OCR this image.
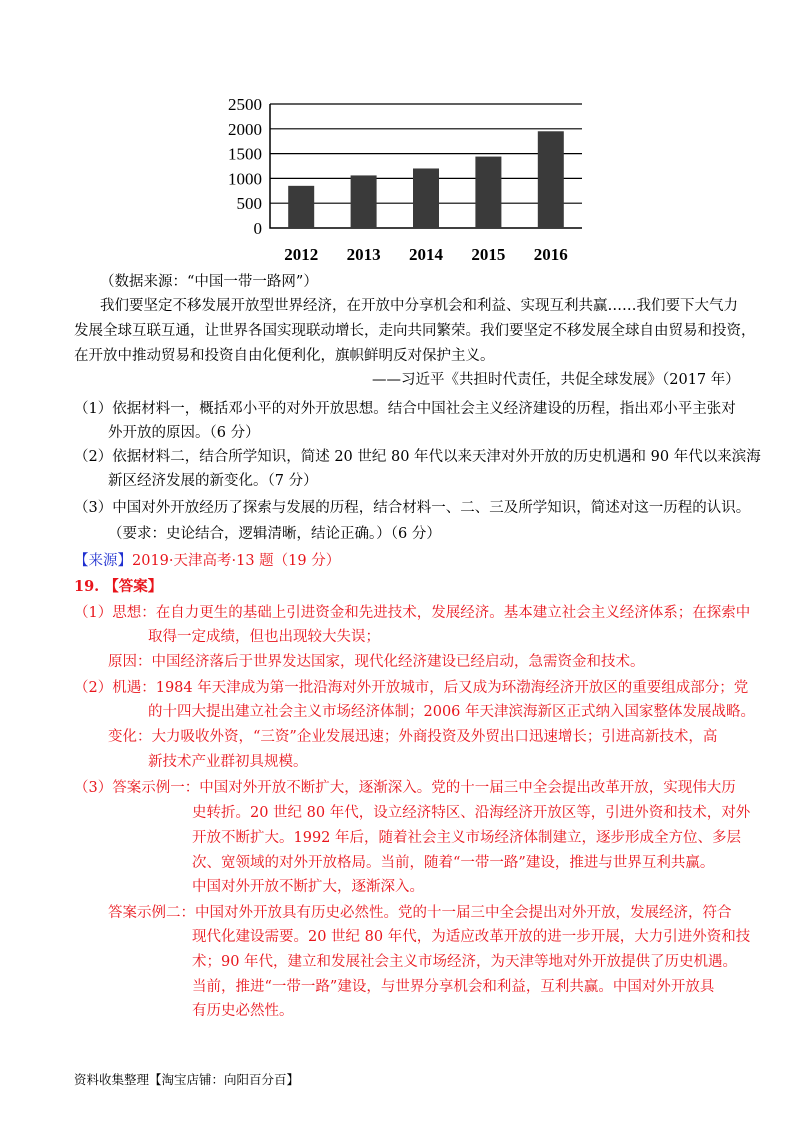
2500
2000
1500
1000
500
0
2012 2013 2014 2015 2016
（数据来源：“中国一带一路网”）
我们要坚定不移发展开放型世界经济，在开放中分享机会和利益、实现互利共赢……我们要下大气力
发展全球互联互通，让世界各国实现联动增长，走向共同繁荣。我们要坚定不移发展全球自由贸易和投资，
在开放中推动贸易和投资自由化便利化，旗帜鲜明反对保护主义。
——习近平《共担时代责任，共促全球发展》（2017 年）
（1）依据材料一，概括邓小平的对外开放思想。结合中国社会主义经济建设的历程，指出邓小平主张对
外开放的原因。（6 分）
（2）依据材料二，结合所学知识，简述 20 世纪 80 年代以来天津对外开放的历史机遇和 90 年代以来滨海
新区经济发展的新变化。（7 分）
（3）中国对外开放经历了探索与发展的历程，结合材料一、二、三及所学知识，简述对这一历程的认识。
（要求：史论结合，逻辑清晰，结论正确。）（6 分）
【来源】2019·天津高考·13 题（19 分）
19. 【答案】
（1）思想：在自力更生的基础上引进资金和先进技术，发展经济。基本建立社会主义经济体系；在探索中
取得一定成绩，但也出现较大失误；
原因：中国经济落后于世界发达国家，现代化经济建设已经启动，急需资金和技术。
（2）机遇：1984 年天津成为第一批沿海对外开放城市，后又成为环渤海经济开放区的重要组成部分；党
的十四大提出建立社会主义市场经济体制；2006 年天津滨海新区正式纳入国家整体发展战略。
变化：大力吸收外资，“三资”企业发展迅速；外商投资及外贸出口迅速增长；引进高新技术，高
新技术产业群初具规模。
（3）答案示例一：中国对外开放不断扩大，逐渐深入。党的十一届三中全会提出改革开放，实现伟大历
史转折。20 世纪 80 年代，设立经济特区、沿海经济开放区等，引进外资和技术，对外
开放不断扩大。1992 年后，随着社会主义市场经济体制建立，逐步形成全方位、多层
次、宽领域的对外开放格局。当前，随着“一带一路”建设，推进与世界互利共赢。
中国对外开放不断扩大，逐渐深入。
答案示例二：中国对外开放具有历史必然性。党的十一届三中全会提出对外开放，发展经济，符合
现代化建设需要。20 世纪 80 年代，为适应改革开放的进一步开展，大力引进外资和技
术；90 年代，建立和发展社会主义市场经济，为天津等地对外开放提供了历史机遇。
当前，推进“一带一路”建设，与世界分享机会和利益，互利共赢。中国对外开放具
有历史必然性。
资料收集整理【淘宝店铺：向阳百分百】
